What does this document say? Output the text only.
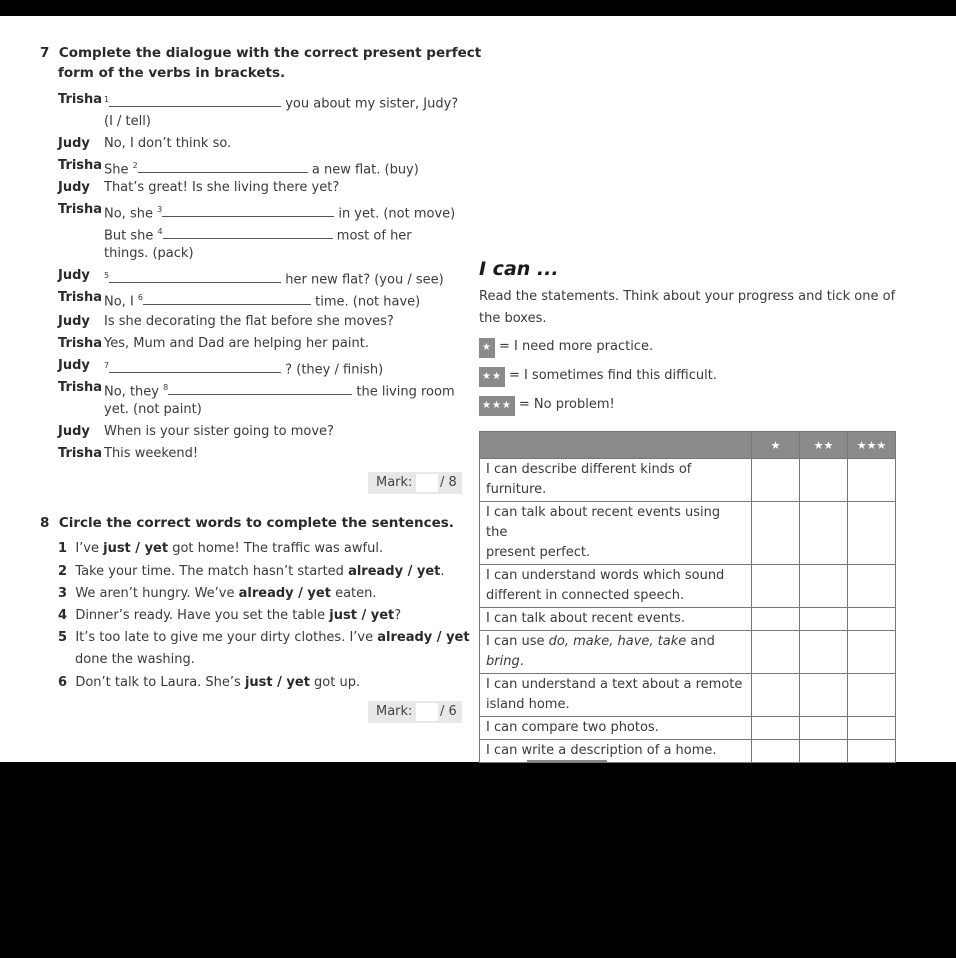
7 Complete the dialogue with the correct present perfect
form of the verbs in brackets.
Trisha $^1$	you about my sister, Judy?
(I / tell)
Judy No, I don’t think so.
Trisha She $^2$	a new flat. (buy)
Judy That’s great! Is she living there yet?
Trisha No, she $^3$	in yet. (not move)
But she $^4$	most of her
things. (pack)
Judy $^5$	her new flat? (you / see)
Trisha No, I $^6$	time. (not have)
Judy Is she decorating the flat before she moves?
Trisha Yes, Mum and Dad are helping her paint.
Judy $^7$	? (they / finish)
Trisha No, they $^8$	the living room
yet. (not paint)
Judy When is your sister going to move?
Trisha This weekend!
Mark: / 8
8 Circle the correct words to complete the sentences.
1 I’ve just / yet got home! The traffic was awful.
2 Take your time. The match hasn’t started already / yet.
3 We aren’t hungry. We’ve already / yet eaten.
4 Dinner’s ready. Have you set the table just / yet?
5 It’s too late to give me your dirty clothes. I’ve already / yet
done the washing.
6 Don’t talk to Laura. She’s just / yet got up.
Mark: / 6
I can ...
Read the statements. Think about your progress and tick one of
the boxes.
★ = I need more practice.
★★ = I sometimes find this difficult.
★★★ = No problem!
	★	★★	★★★
I can describe different kinds of
furniture.			
I can talk about recent events using the
present perfect.			
I can understand words which sound
different in connected speech.			
I can talk about recent events.			
I can use do, make, have, take and bring.			
I can understand a text about a remote
island home.			
I can compare two photos.			
I can write a description of a home.			
